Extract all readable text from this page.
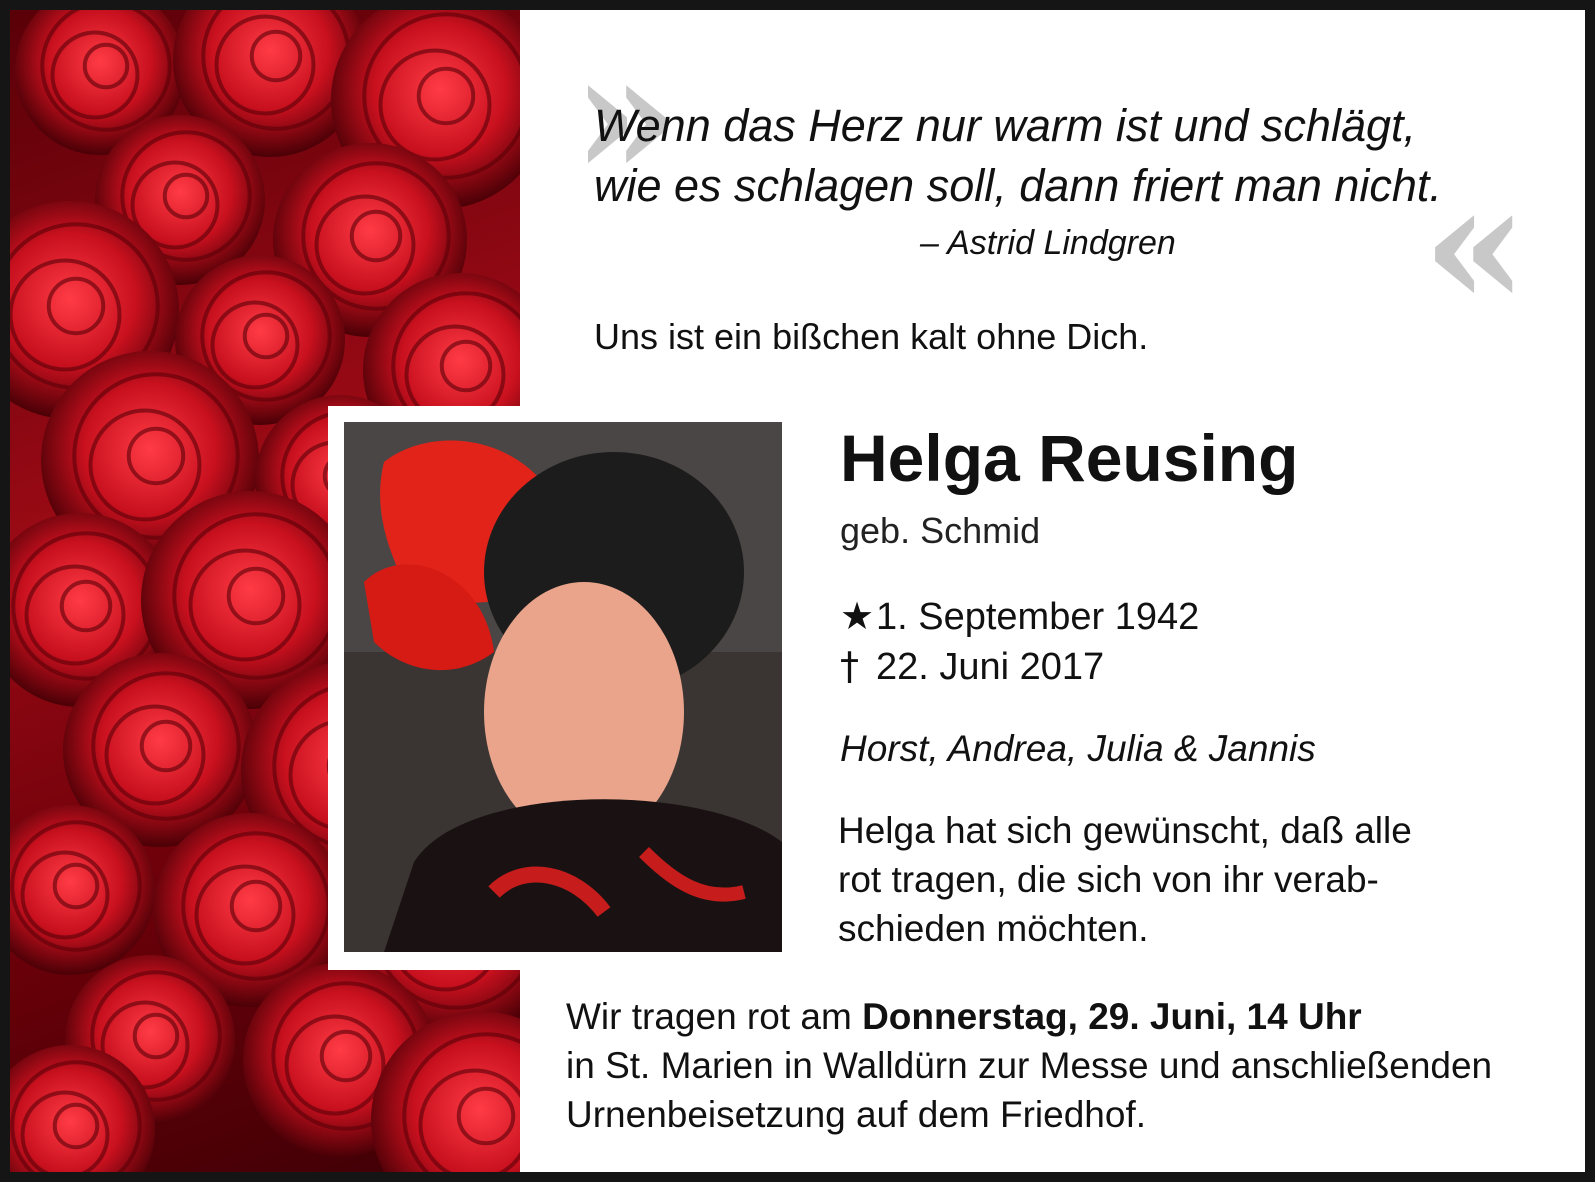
»
Wenn das Herz nur warm ist und schlägt,
wie es schlagen soll, dann friert man nicht.
«
– Astrid Lindgren
Uns ist ein bißchen kalt ohne Dich.
Helga Reusing
geb. Schmid
★1. September 1942
† 22. Juni 2017
Horst, Andrea, Julia & Jannis
Helga hat sich gewünscht, daß alle
rot tragen, die sich von ihr verab-
schieden möchten.
Wir tragen rot am Donnerstag, 29. Juni, 14 Uhr
in St. Marien in Walldürn zur Messe und anschließenden
Urnenbeisetzung auf dem Friedhof.
